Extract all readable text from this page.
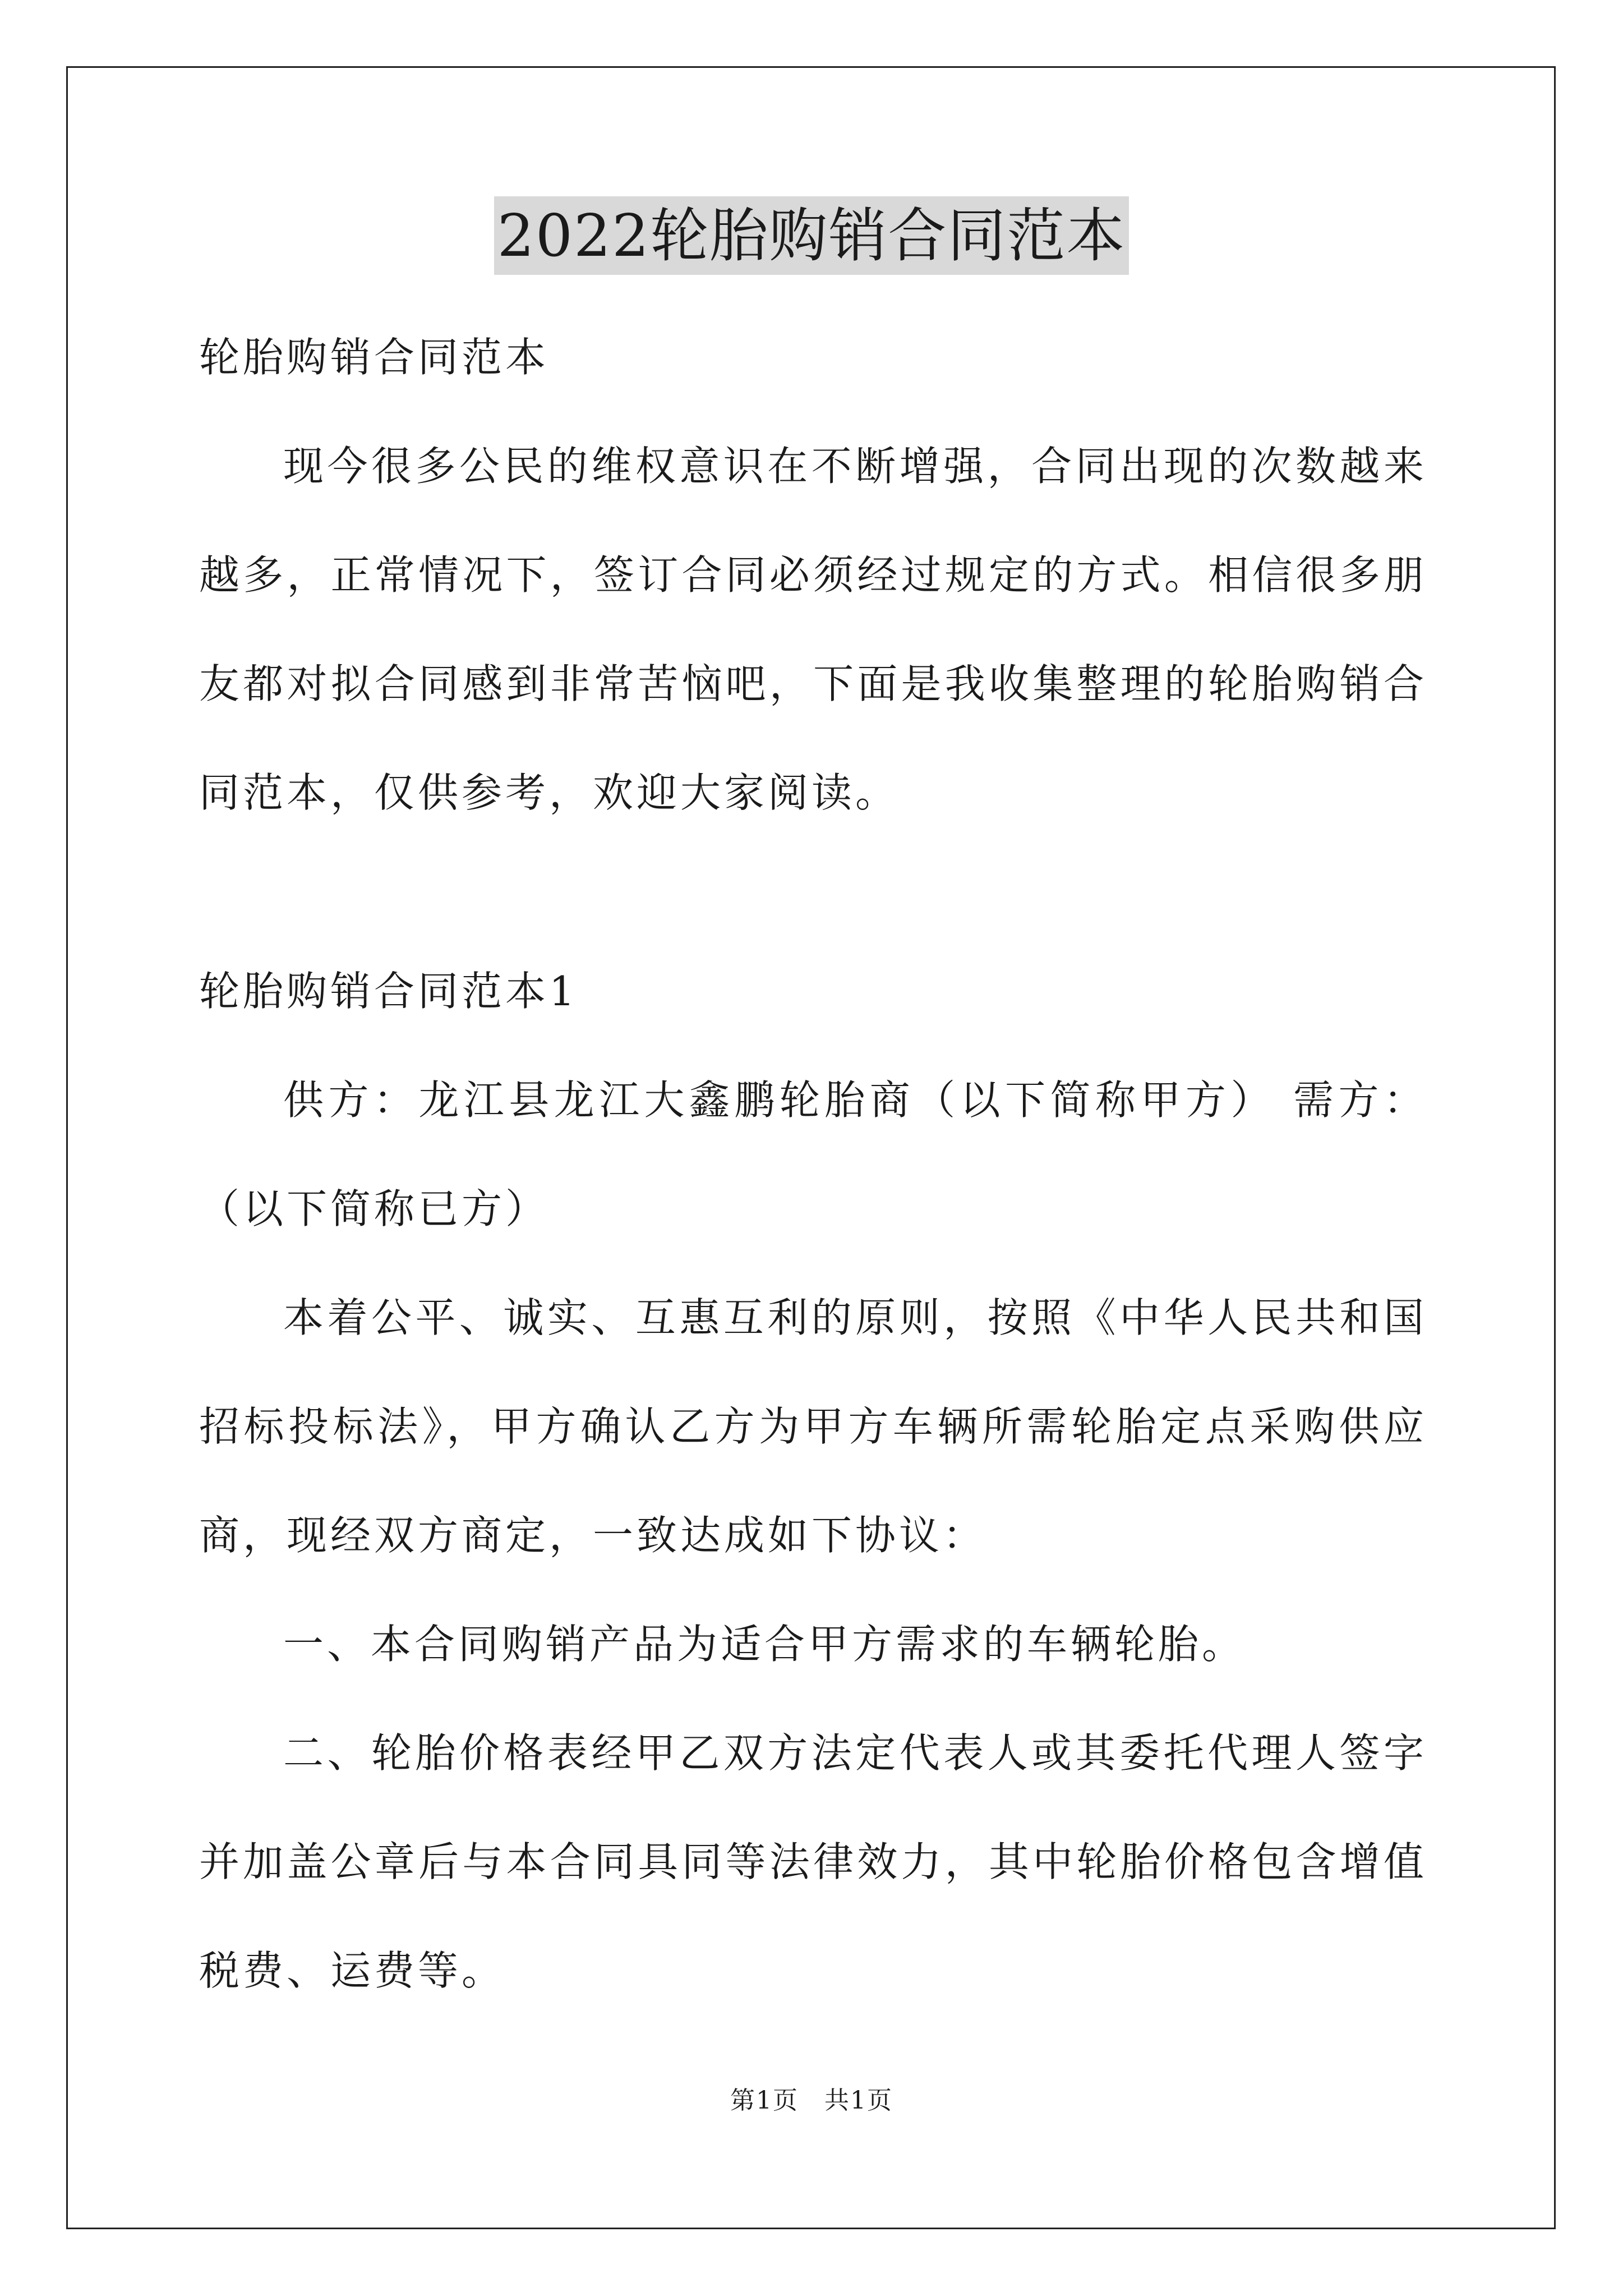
2022轮胎购销合同范本

轮胎购销合同范本

现今很多公民的维权意识在不断增强，合同出现的次数越来越多，正常情况下，签订合同必须经过规定的方式。相信很多朋友都对拟合同感到非常苦恼吧，下面是我收集整理的轮胎购销合同范本，仅供参考，欢迎大家阅读。

轮胎购销合同范本1

供方：龙江县龙江大鑫鹏轮胎商（以下简称甲方） 需方： （以下简称已方）

本着公平、诚实、互惠互利的原则，按照《中华人民共和国招标投标法》，甲方确认乙方为甲方车辆所需轮胎定点采购供应商，现经双方商定，一致达成如下协议：

一、本合同购销产品为适合甲方需求的车辆轮胎。

二、轮胎价格表经甲乙双方法定代表人或其委托代理人签字并加盖公章后与本合同具同等法律效力，其中轮胎价格包含增值税费、运费等。

第1页　共1页
